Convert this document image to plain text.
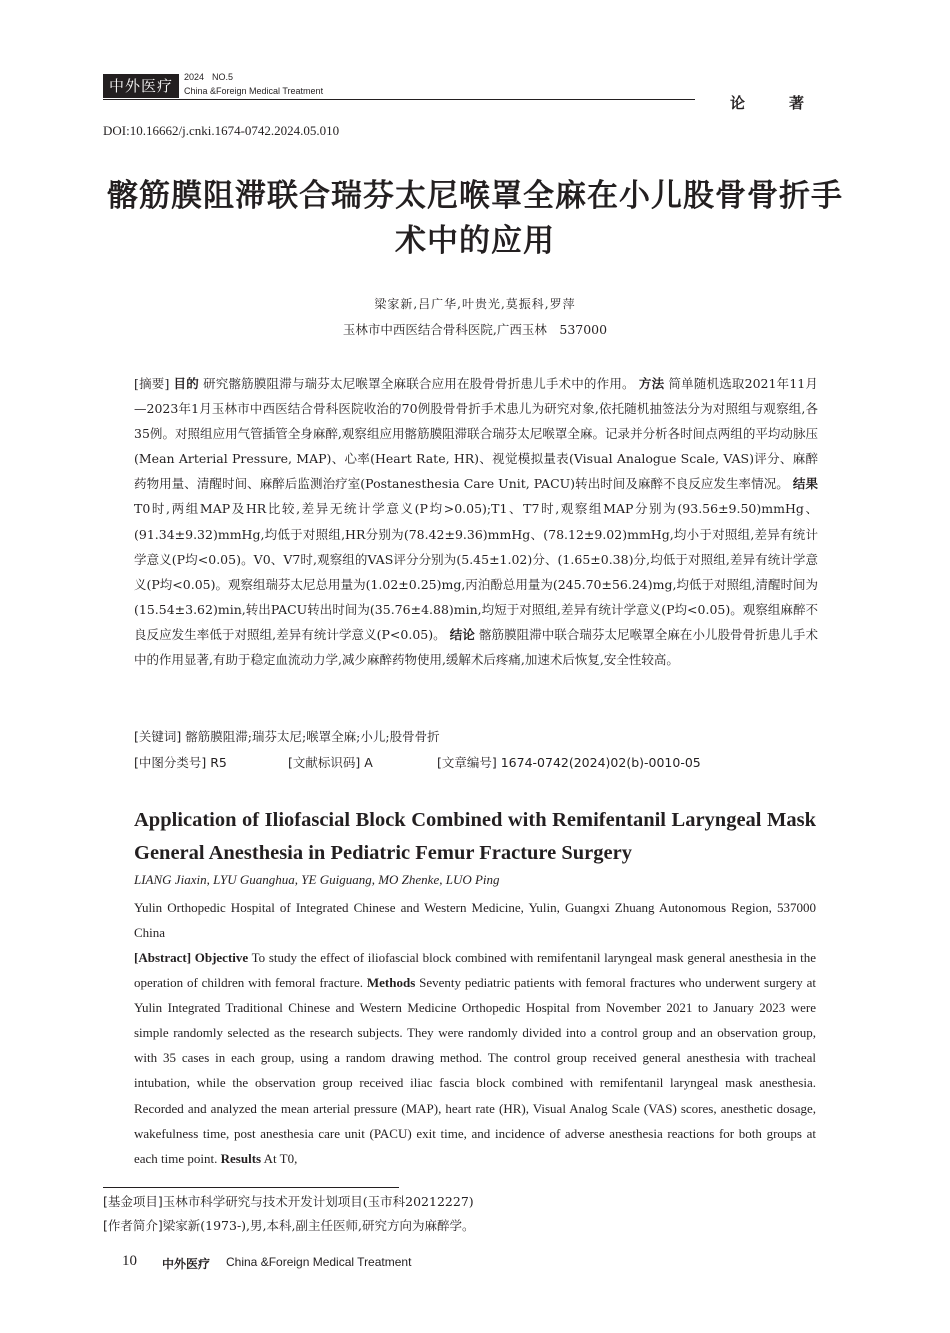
中外医疗	2024 NO.5
China &Foreign Medical Treatment
论著
DOI:10.16662/j.cnki.1674-0742.2024.05.010
髂筋膜阻滞联合瑞芬太尼喉罩全麻在小儿股骨骨折手术中的应用
梁家新,吕广华,叶贵光,莫振科,罗萍
玉林市中西医结合骨科医院,广西玉林　537000
[摘要] 目的 研究髂筋膜阻滞与瑞芬太尼喉罩全麻联合应用在股骨骨折患儿手术中的作用。 方法 简单随机选取2021年11月—2023年1月玉林市中西医结合骨科医院收治的70例股骨骨折手术患儿为研究对象,依托随机抽签法分为对照组与观察组,各35例。对照组应用气管插管全身麻醉,观察组应用髂筋膜阻滞联合瑞芬太尼喉罩全麻。记录并分析各时间点两组的平均动脉压(Mean Arterial Pressure, MAP)、心率(Heart Rate, HR)、视觉模拟量表(Visual Analogue Scale, VAS)评分、麻醉药物用量、清醒时间、麻醉后监测治疗室(Postanesthesia Care Unit, PACU)转出时间及麻醉不良反应发生率情况。 结果 T0时,两组MAP及HR比较,差异无统计学意义(P均>0.05);T1、T7时,观察组MAP分别为(93.56±9.50)mmHg、(91.34±9.32)mmHg,均低于对照组,HR分别为(78.42±9.36)mmHg、(78.12±9.02)mmHg,均小于对照组,差异有统计学意义(P均<0.05)。V0、V7时,观察组的VAS评分分别为(5.45±1.02)分、(1.65±0.38)分,均低于对照组,差异有统计学意义(P均<0.05)。观察组瑞芬太尼总用量为(1.02±0.25)mg,丙泊酚总用量为(245.70±56.24)mg,均低于对照组,清醒时间为(15.54±3.62)min,转出PACU转出时间为(35.76±4.88)min,均短于对照组,差异有统计学意义(P均<0.05)。观察组麻醉不良反应发生率低于对照组,差异有统计学意义(P<0.05)。 结论 髂筋膜阻滞中联合瑞芬太尼喉罩全麻在小儿股骨骨折患儿手术中的作用显著,有助于稳定血流动力学,减少麻醉药物使用,缓解术后疼痛,加速术后恢复,安全性较高。
[关键词] 髂筋膜阻滞;瑞芬太尼;喉罩全麻;小儿;股骨骨折
[中图分类号] R5	[文献标识码] A	[文章编号] 1674-0742(2024)02(b)-0010-05
Application of Iliofascial Block Combined with Remifentanil Laryngeal Mask General Anesthesia in Pediatric Femur Fracture Surgery
LIANG Jiaxin, LYU Guanghua, YE Guiguang, MO Zhenke, LUO Ping
Yulin Orthopedic Hospital of Integrated Chinese and Western Medicine, Yulin, Guangxi Zhuang Autonomous Region, 537000 China
[Abstract] Objective To study the effect of iliofascial block combined with remifentanil laryngeal mask general anesthesia in the operation of children with femoral fracture. Methods Seventy pediatric patients with femoral fractures who underwent surgery at Yulin Integrated Traditional Chinese and Western Medicine Orthopedic Hospital from November 2021 to January 2023 were simple randomly selected as the research subjects. They were randomly divided into a control group and an observation group, with 35 cases in each group, using a random drawing method. The control group received general anesthesia with tracheal intubation, while the observation group received iliac fascia block combined with remifentanil laryngeal mask anesthesia. Recorded and analyzed the mean arterial pressure (MAP), heart rate (HR), Visual Analog Scale (VAS) scores, anesthetic dosage, wakefulness time, post anesthesia care unit (PACU) exit time, and incidence of adverse anesthesia reactions for both groups at each time point. Results At T0,
[基金项目]玉林市科学研究与技术开发计划项目(玉市科20212227)
[作者简介]梁家新(1973-),男,本科,副主任医师,研究方向为麻醉学。
10 中外医疗 China &Foreign Medical Treatment
